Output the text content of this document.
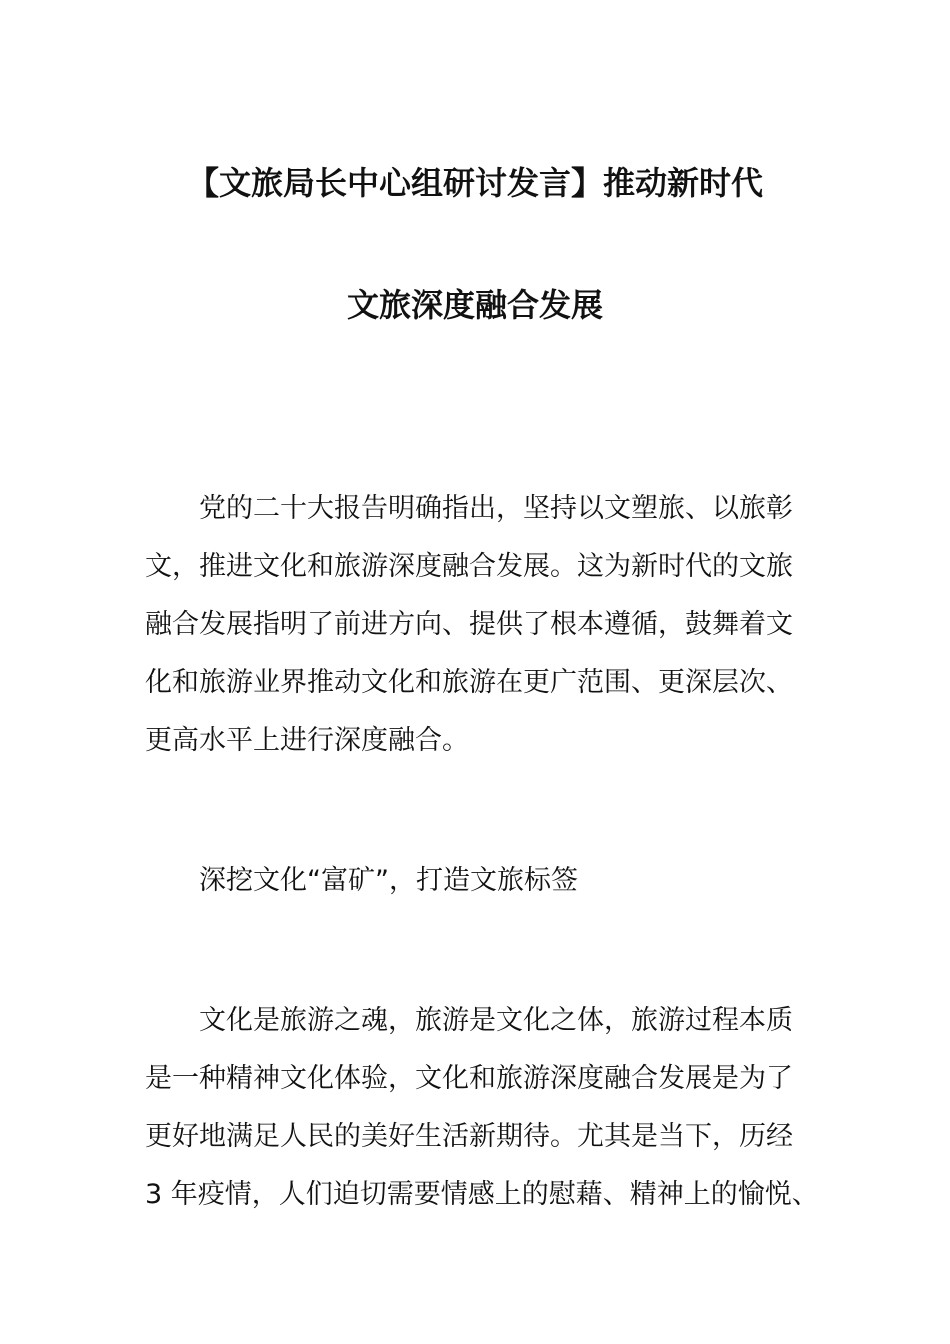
【文旅局长中心组研讨发言】推动新时代
文旅深度融合发展
党的二十大报告明确指出，坚持以文塑旅、以旅彰
文，推进文化和旅游深度融合发展。这为新时代的文旅
融合发展指明了前进方向、提供了根本遵循，鼓舞着文
化和旅游业界推动文化和旅游在更广范围、更深层次、
更高水平上进行深度融合。
深挖文化“富矿”，打造文旅标签
文化是旅游之魂，旅游是文化之体，旅游过程本质
是一种精神文化体验，文化和旅游深度融合发展是为了
更好地满足人民的美好生活新期待。尤其是当下，历经
3 年疫情，人们迫切需要情感上的慰藉、精神上的愉悦、
